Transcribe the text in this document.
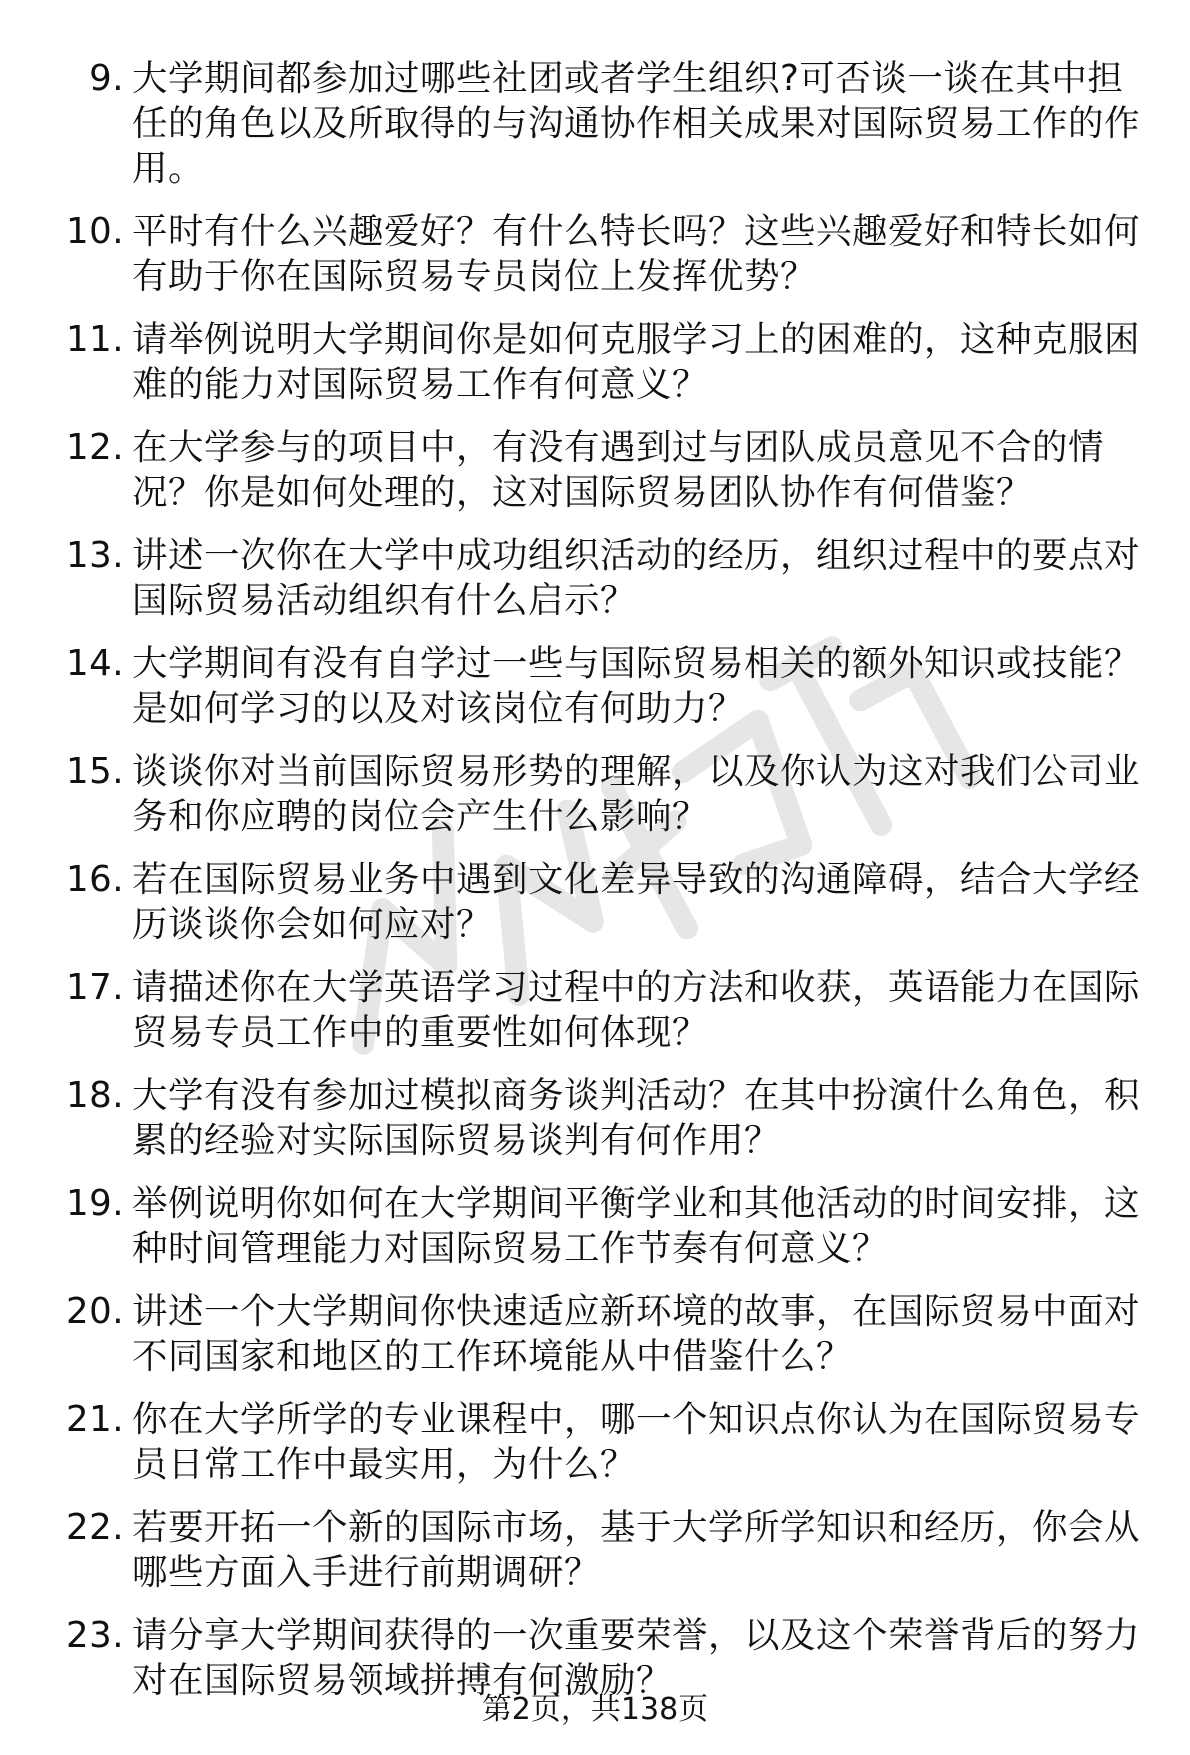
9. 大学期间都参加过哪些社团或者学生组织?可否谈一谈在其中担任的角色以及所取得的与沟通协作相关成果对国际贸易工作的作用。
10. 平时有什么兴趣爱好？有什么特长吗？这些兴趣爱好和特长如何有助于你在国际贸易专员岗位上发挥优势？
11. 请举例说明大学期间你是如何克服学习上的困难的，这种克服困难的能力对国际贸易工作有何意义？
12. 在大学参与的项目中，有没有遇到过与团队成员意见不合的情况？你是如何处理的，这对国际贸易团队协作有何借鉴？
13. 讲述一次你在大学中成功组织活动的经历，组织过程中的要点对国际贸易活动组织有什么启示？
14. 大学期间有没有自学过一些与国际贸易相关的额外知识或技能？是如何学习的以及对该岗位有何助力？
15. 谈谈你对当前国际贸易形势的理解，以及你认为这对我们公司业务和你应聘的岗位会产生什么影响？
16. 若在国际贸易业务中遇到文化差异导致的沟通障碍，结合大学经历谈谈你会如何应对？
17. 请描述你在大学英语学习过程中的方法和收获，英语能力在国际贸易专员工作中的重要性如何体现？
18. 大学有没有参加过模拟商务谈判活动？在其中扮演什么角色，积累的经验对实际国际贸易谈判有何作用？
19. 举例说明你如何在大学期间平衡学业和其他活动的时间安排，这种时间管理能力对国际贸易工作节奏有何意义？
20. 讲述一个大学期间你快速适应新环境的故事，在国际贸易中面对不同国家和地区的工作环境能从中借鉴什么？
21. 你在大学所学的专业课程中，哪一个知识点你认为在国际贸易专员日常工作中最实用，为什么？
22. 若要开拓一个新的国际市场，基于大学所学知识和经历，你会从哪些方面入手进行前期调研？
23. 请分享大学期间获得的一次重要荣誉，以及这个荣誉背后的努力对在国际贸易领域拼搏有何激励？
第2页，共138页
